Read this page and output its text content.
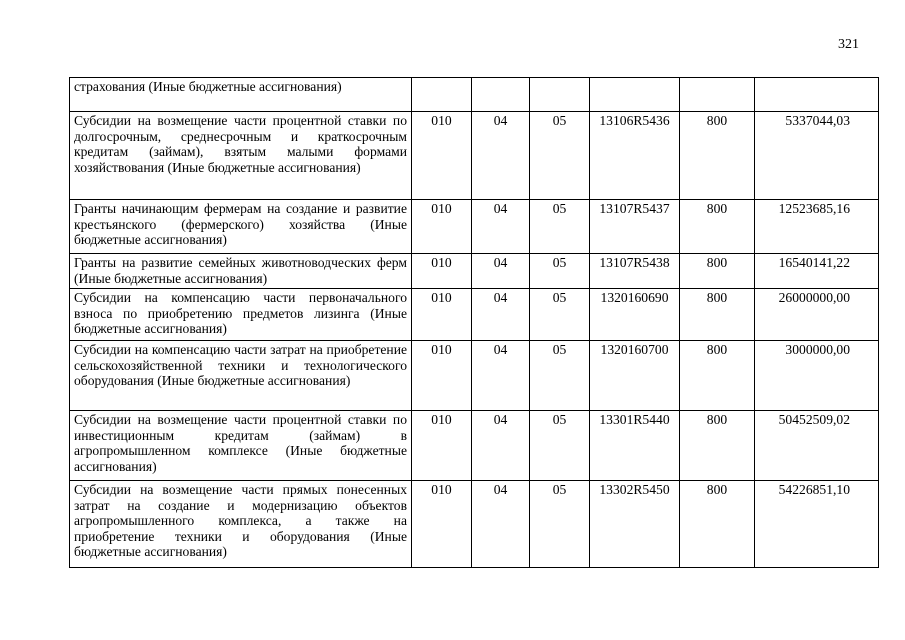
321
страхования (Иные бюджетные ассигнования)						
Субсидии на возмещение части процентной ставки по долгосрочным, среднесрочным и краткосрочным кредитам (займам), взятым малыми формами хозяйствования (Иные бюджетные ассигнования)	010	04	05	13106R5436	800	5337044,03
Гранты начинающим фермерам на создание и развитие крестьянского (фермерского) хозяйства (Иные бюджетные ассигнования)	010	04	05	13107R5437	800	12523685,16
Гранты на развитие семейных животноводческих ферм (Иные бюджетные ассигнования)	010	04	05	13107R5438	800	16540141,22
Субсидии на компенсацию части первоначального взноса по приобретению предметов лизинга (Иные бюджетные ассигнования)	010	04	05	1320160690	800	26000000,00
Субсидии на компенсацию части затрат на приобретение сельскохозяйственной техники и технологического оборудования (Иные бюджетные ассигнования)	010	04	05	1320160700	800	3000000,00
Субсидии на возмещение части процентной ставки по инвестиционным кредитам (займам) в агропромышленном комплексе (Иные бюджетные ассигнования)	010	04	05	13301R5440	800	50452509,02
Субсидии на возмещение части прямых понесенных затрат на создание и модернизацию объектов агропромышленного комплекса, а также на приобретение техники и оборудования (Иные бюджетные ассигнования)	010	04	05	13302R5450	800	54226851,10
